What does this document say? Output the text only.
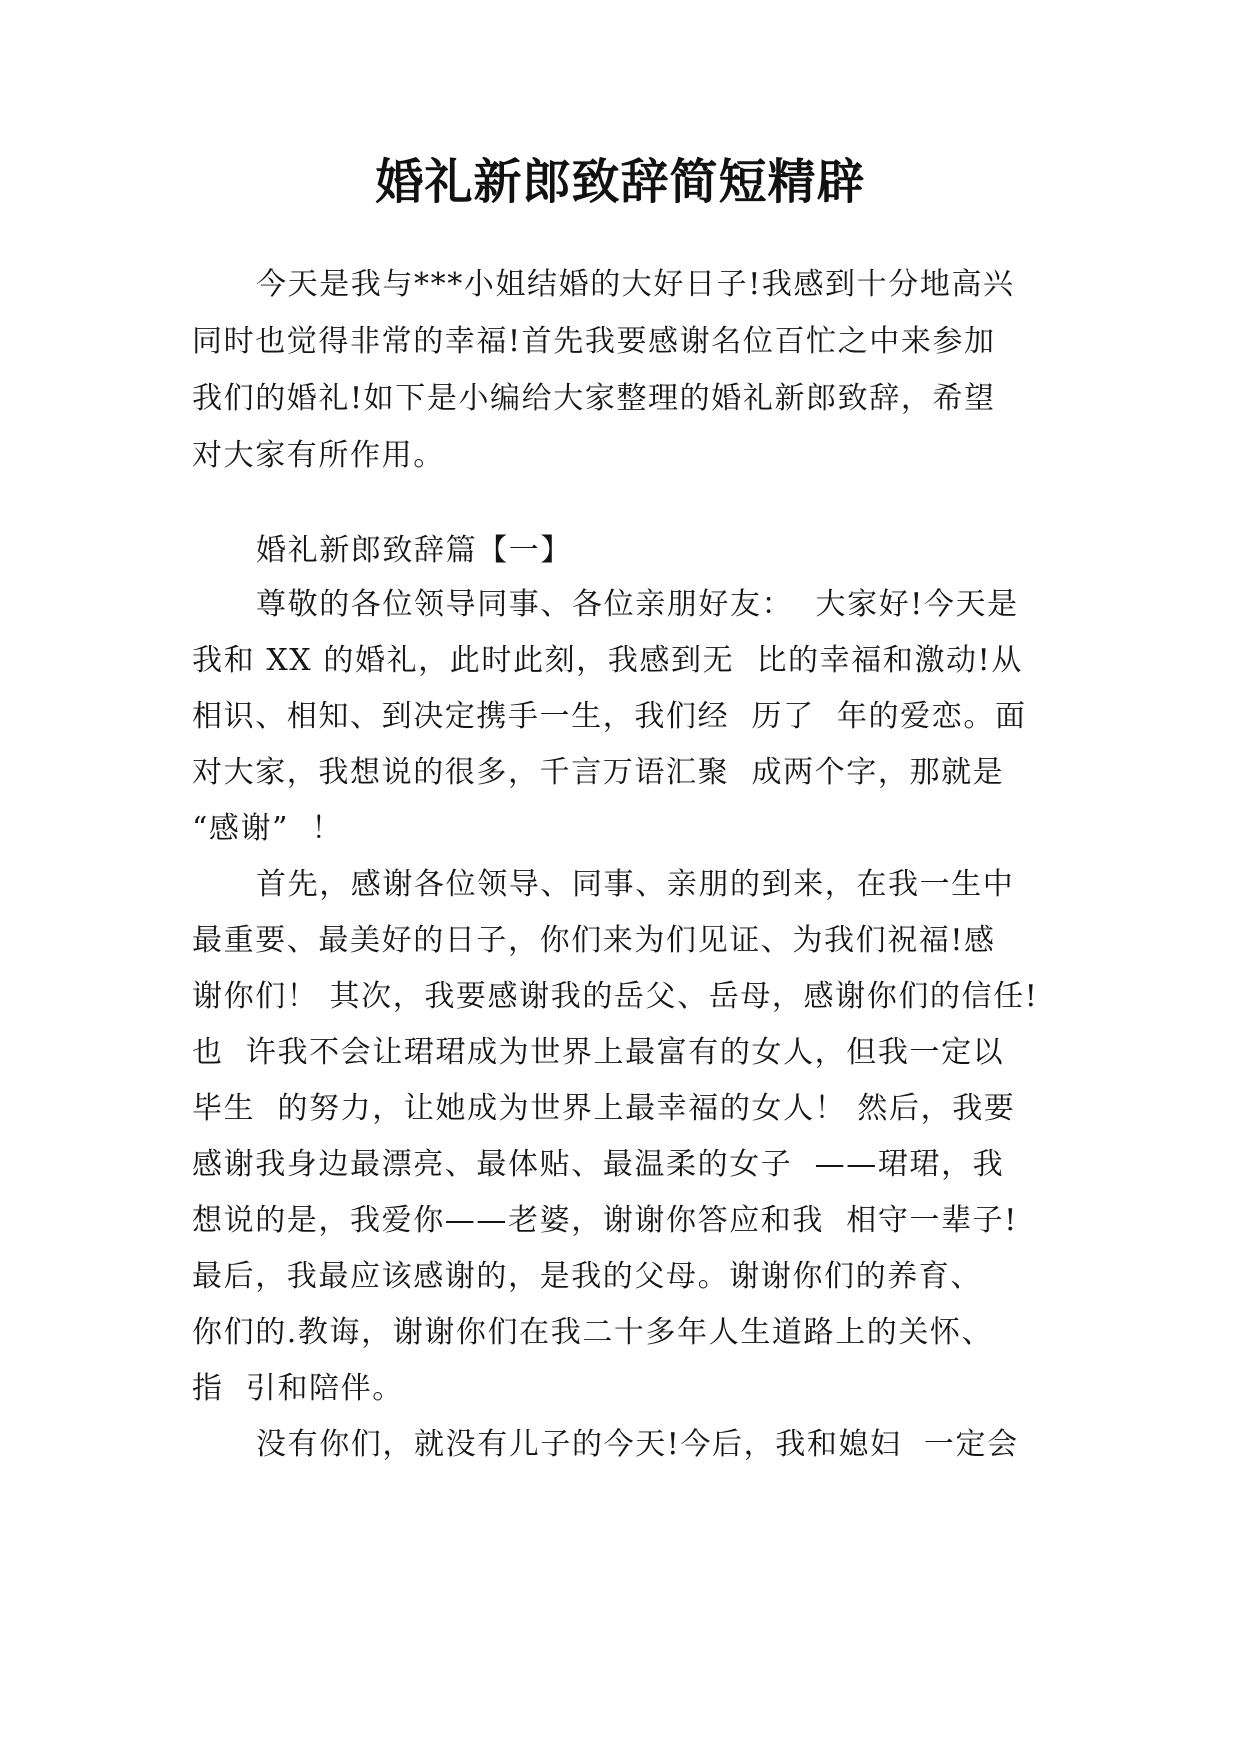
婚礼新郎致辞简短精辟
今天是我与***小姐结婚的大好日子!我感到十分地高兴
同时也觉得非常的幸福!首先我要感谢名位百忙之中来参加
我们的婚礼!如下是小编给大家整理的婚礼新郎致辞，希望
对大家有所作用。
婚礼新郎致辞篇【一】
尊敬的各位领导同事、各位亲朋好友：  大家好!今天是
我和 XX 的婚礼，此时此刻，我感到无  比的幸福和激动!从
相识、相知、到决定携手一生，我们经  历了  年的爱恋。面
对大家，我想说的很多，千言万语汇聚  成两个字，那就是
“感谢”  ！
首先，感谢各位领导、同事、亲朋的到来，在我一生中
最重要、最美好的日子，你们来为们见证、为我们祝福!感
谢你们！ 其次，我要感谢我的岳父、岳母，感谢你们的信任!
也  许我不会让珺珺成为世界上最富有的女人，但我一定以
毕生  的努力，让她成为世界上最幸福的女人！ 然后，我要
感谢我身边最漂亮、最体贴、最温柔的女子  ——珺珺，我
想说的是，我爱你——老婆，谢谢你答应和我  相守一辈子!
最后，我最应该感谢的，是我的父母。谢谢你们的养育、
你们的.教诲，谢谢你们在我二十多年人生道路上的关怀、
指  引和陪伴。
没有你们，就没有儿子的今天!今后，我和媳妇  一定会
